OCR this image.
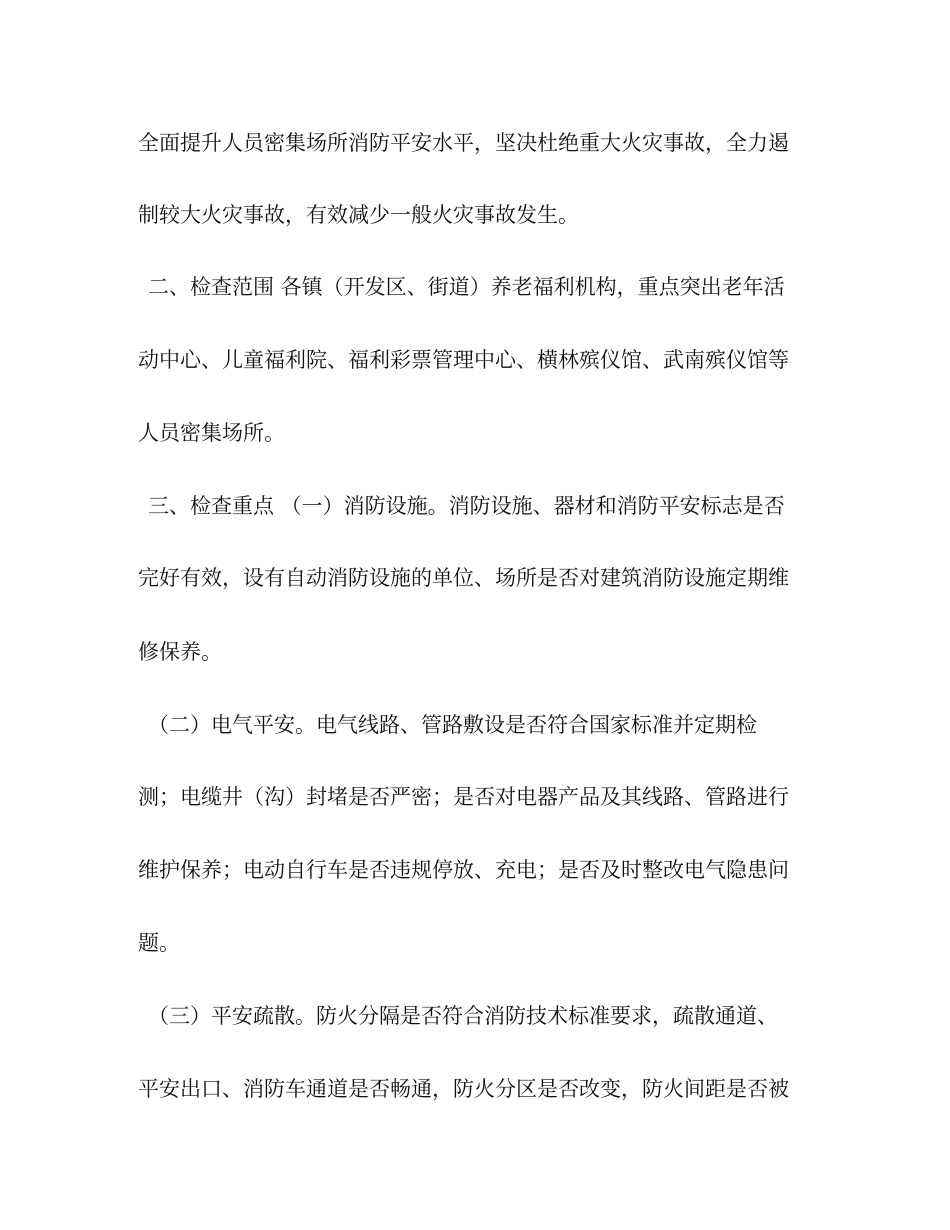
全面提升人员密集场所消防平安水平，坚决杜绝重大火灾事故，全力遏
制较大火灾事故，有效减少一般火灾事故发生。
二、检查范围 各镇（开发区、街道）养老福利机构，重点突出老年活
动中心、儿童福利院、福利彩票管理中心、横林殡仪馆、武南殡仪馆等
人员密集场所。
三、检查重点 （一）消防设施。消防设施、器材和消防平安标志是否
完好有效，设有自动消防设施的单位、场所是否对建筑消防设施定期维
修保养。
（二）电气平安。电气线路、管路敷设是否符合国家标准并定期检
测；电缆井（沟）封堵是否严密；是否对电器产品及其线路、管路进行
维护保养；电动自行车是否违规停放、充电；是否及时整改电气隐患问
题。
（三）平安疏散。防火分隔是否符合消防技术标准要求，疏散通道、
平安出口、消防车通道是否畅通，防火分区是否改变，防火间距是否被
